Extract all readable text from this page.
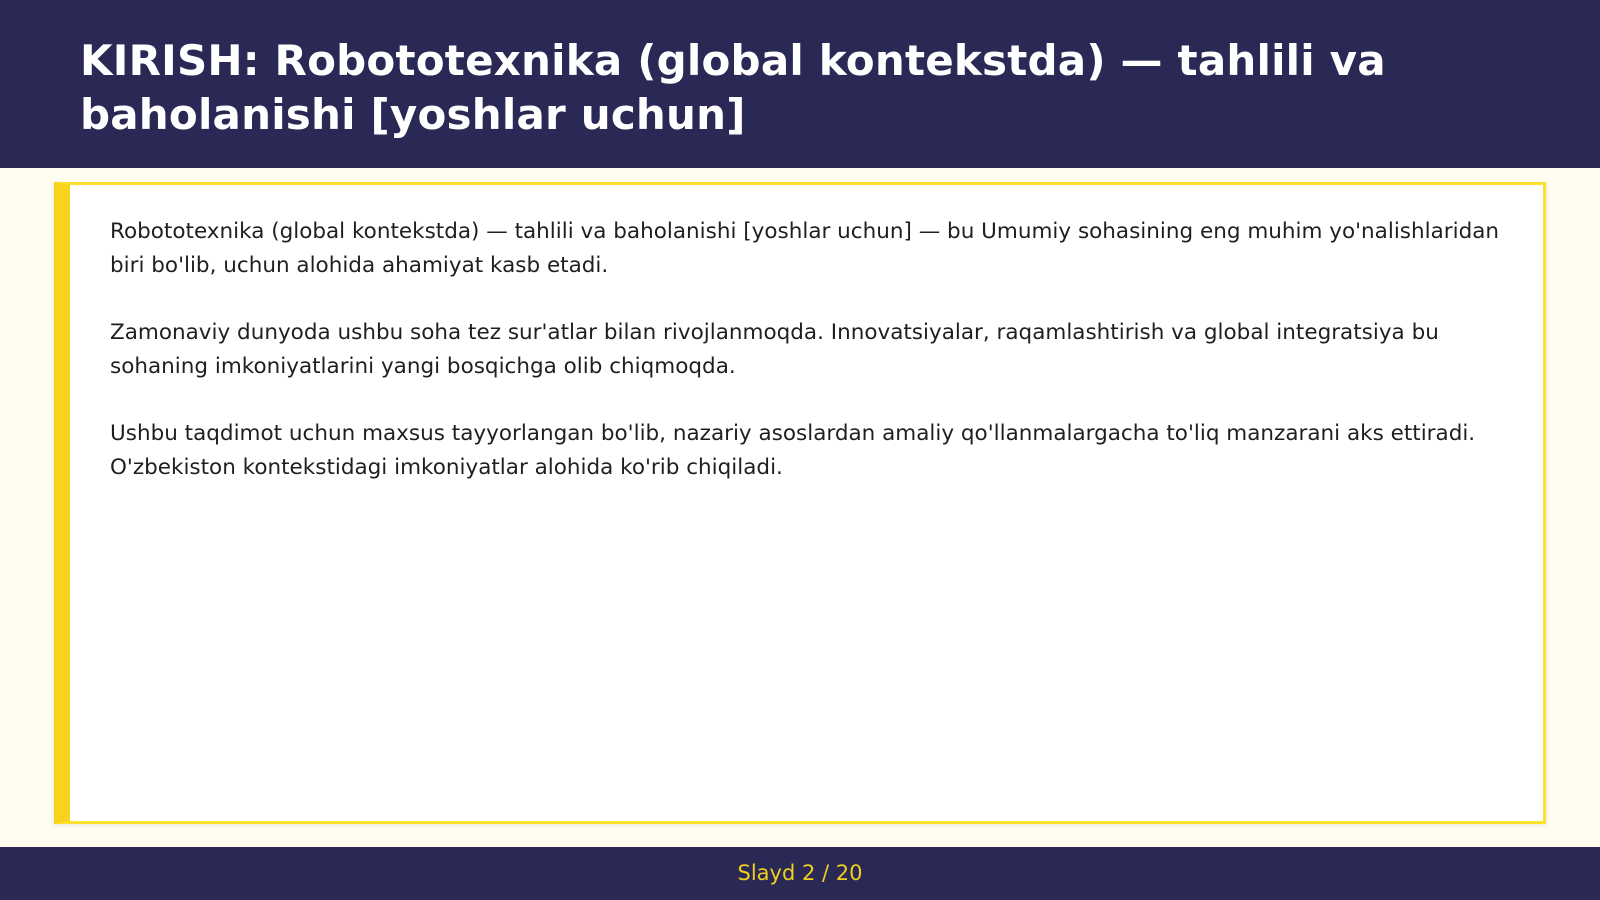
KIRISH: Robototexnika (global kontekstda) — tahlili va baholanishi [yoshlar uchun]

Robototexnika (global kontekstda) — tahlili va baholanishi [yoshlar uchun] — bu Umumiy sohasining eng muhim yo'nalishlaridan biri bo'lib, uchun alohida ahamiyat kasb etadi.

Zamonaviy dunyoda ushbu soha tez sur'atlar bilan rivojlanmoqda. Innovatsiyalar, raqamlashtirish va global integratsiya bu sohaning imkoniyatlarini yangi bosqichga olib chiqmoqda.

Ushbu taqdimot uchun maxsus tayyorlangan bo'lib, nazariy asoslardan amaliy qo'llanmalargacha to'liq manzarani aks ettiradi. O'zbekiston kontekstidagi imkoniyatlar alohida ko'rib chiqiladi.

Slayd 2 / 20
